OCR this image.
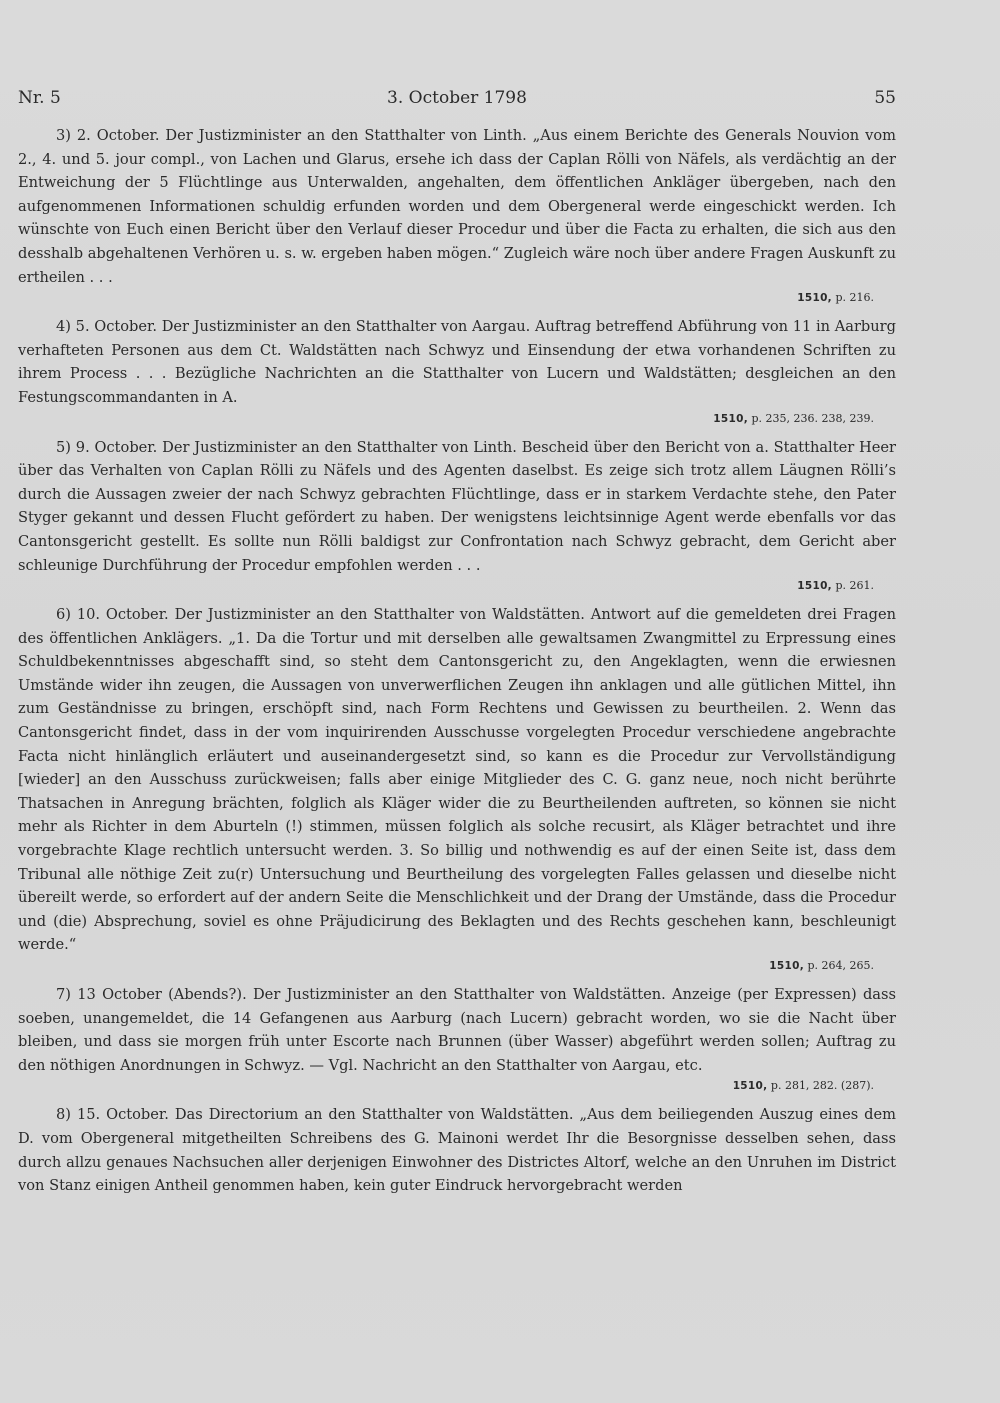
Nr. 5	3. October 1798	55

3) 2. October. Der Justizminister an den Statthalter von Linth. „Aus einem Berichte des Generals Nouvion vom 2., 4. und 5. jour compl., von Lachen und Glarus, ersehe ich dass der Caplan Rölli von Näfels, als verdächtig an der Entweichung der 5 Flüchtlinge aus Unterwalden, angehalten, dem öffentlichen Ankläger übergeben, nach den aufgenommenen Informationen schuldig erfunden worden und dem Obergeneral werde eingeschickt werden. Ich wünschte von Euch einen Bericht über den Verlauf dieser Procedur und über die Facta zu erhalten, die sich aus den desshalb abgehaltenen Verhören u. s. w. ergeben haben mögen.“ Zugleich wäre noch über andere Fragen Auskunft zu ertheilen . . .

1510, p. 216.

4) 5. October. Der Justizminister an den Statthalter von Aargau. Auftrag betreffend Abführung von 11 in Aarburg verhafteten Personen aus dem Ct. Waldstätten nach Schwyz und Einsendung der etwa vorhandenen Schriften zu ihrem Process . . . Bezügliche Nachrichten an die Statthalter von Lucern und Waldstätten; desgleichen an den Festungscommandanten in A.

1510, p. 235, 236. 238, 239.

5) 9. October. Der Justizminister an den Statthalter von Linth. Bescheid über den Bericht von a. Statthalter Heer über das Verhalten von Caplan Rölli zu Näfels und des Agenten daselbst. Es zeige sich trotz allem Läugnen Rölli’s durch die Aussagen zweier der nach Schwyz gebrachten Flüchtlinge, dass er in starkem Verdachte stehe, den Pater Styger gekannt und dessen Flucht gefördert zu haben. Der wenigstens leichtsinnige Agent werde ebenfalls vor das Cantonsgericht gestellt. Es sollte nun Rölli baldigst zur Confrontation nach Schwyz gebracht, dem Gericht aber schleunige Durchführung der Procedur empfohlen werden . . .

1510, p. 261.

6) 10. October. Der Justizminister an den Statthalter von Waldstätten. Antwort auf die gemeldeten drei Fragen des öffentlichen Anklägers. „1. Da die Tortur und mit derselben alle gewaltsamen Zwangmittel zu Erpressung eines Schuldbekenntnisses abgeschafft sind, so steht dem Cantonsgericht zu, den Angeklagten, wenn die erwiesnen Umstände wider ihn zeugen, die Aussagen von unverwerflichen Zeugen ihn anklagen und alle gütlichen Mittel, ihn zum Geständnisse zu bringen, erschöpft sind, nach Form Rechtens und Gewissen zu beurtheilen. 2. Wenn das Cantonsgericht findet, dass in der vom inquirirenden Ausschusse vorgelegten Procedur verschiedene angebrachte Facta nicht hinlänglich erläutert und auseinandergesetzt sind, so kann es die Procedur zur Vervollständigung [wieder] an den Ausschuss zurückweisen; falls aber einige Mitglieder des C. G. ganz neue, noch nicht berührte Thatsachen in Anregung brächten, folglich als Kläger wider die zu Beurtheilenden auftreten, so können sie nicht mehr als Richter in dem Aburteln (!) stimmen, müssen folglich als solche recusirt, als Kläger betrachtet und ihre vorgebrachte Klage rechtlich untersucht werden. 3. So billig und nothwendig es auf der einen Seite ist, dass dem Tribunal alle nöthige Zeit zu(r) Untersuchung und Beurtheilung des vorgelegten Falles gelassen und dieselbe nicht übereilt werde, so erfordert auf der andern Seite die Menschlichkeit und der Drang der Umstände, dass die Procedur und (die) Absprechung, soviel es ohne Präjudicirung des Beklagten und des Rechts geschehen kann, beschleunigt werde.“

1510, p. 264, 265.

7) 13 October (Abends?). Der Justizminister an den Statthalter von Waldstätten. Anzeige (per Expressen) dass soeben, unangemeldet, die 14 Gefangenen aus Aarburg (nach Lucern) gebracht worden, wo sie die Nacht über bleiben, und dass sie morgen früh unter Escorte nach Brunnen (über Wasser) abgeführt werden sollen; Auftrag zu den nöthigen Anordnungen in Schwyz. — Vgl. Nachricht an den Statthalter von Aargau, etc.

1510, p. 281, 282. (287).

8) 15. October. Das Directorium an den Statthalter von Waldstätten. „Aus dem beiliegenden Auszug eines dem D. vom Obergeneral mitgetheilten Schreibens des G. Mainoni werdet Ihr die Besorgnisse desselben sehen, dass durch allzu genaues Nachsuchen aller derjenigen Einwohner des Districtes Altorf, welche an den Unruhen im District von Stanz einigen Antheil genommen haben, kein guter Eindruck hervorgebracht werden
